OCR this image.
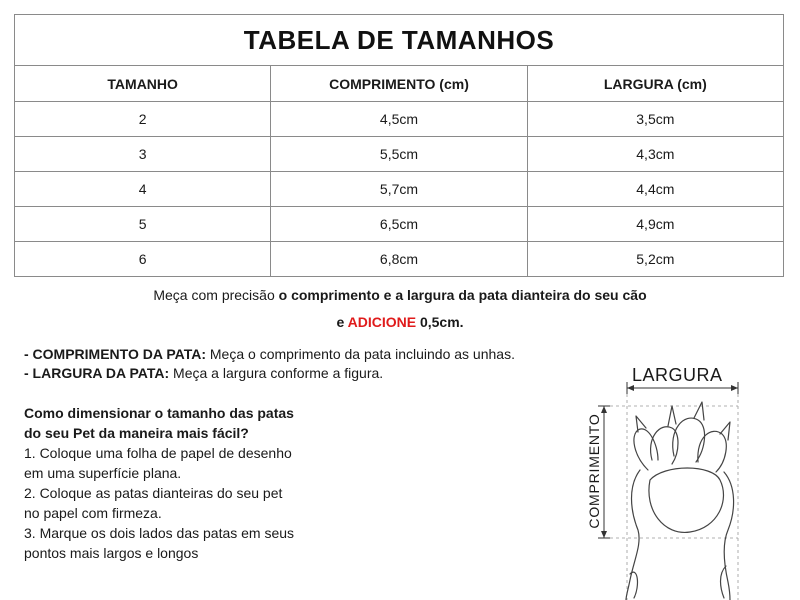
TABELA DE TAMANHOS		
TAMANHO	COMPRIMENTO (cm)	LARGURA (cm)
2	4,5cm	3,5cm
3	5,5cm	4,3cm
4	5,7cm	4,4cm
5	6,5cm	4,9cm
6	6,8cm	5,2cm
Meça com precisão o comprimento e a largura da pata dianteira do seu cão
e ADICIONE 0,5cm.
- COMPRIMENTO DA PATA: Meça o comprimento da pata incluindo as unhas.
- LARGURA DA PATA: Meça a largura conforme a figura.
Como dimensionar o tamanho das patas
do seu Pet da maneira mais fácil?
1. Coloque uma folha de papel de desenho
em uma superfície plana.
2. Coloque as patas dianteiras do seu pet
no papel com firmeza.
3. Marque os dois lados das patas em seus
pontos mais largos e longos
LARGURA
COMPRIMENTO
